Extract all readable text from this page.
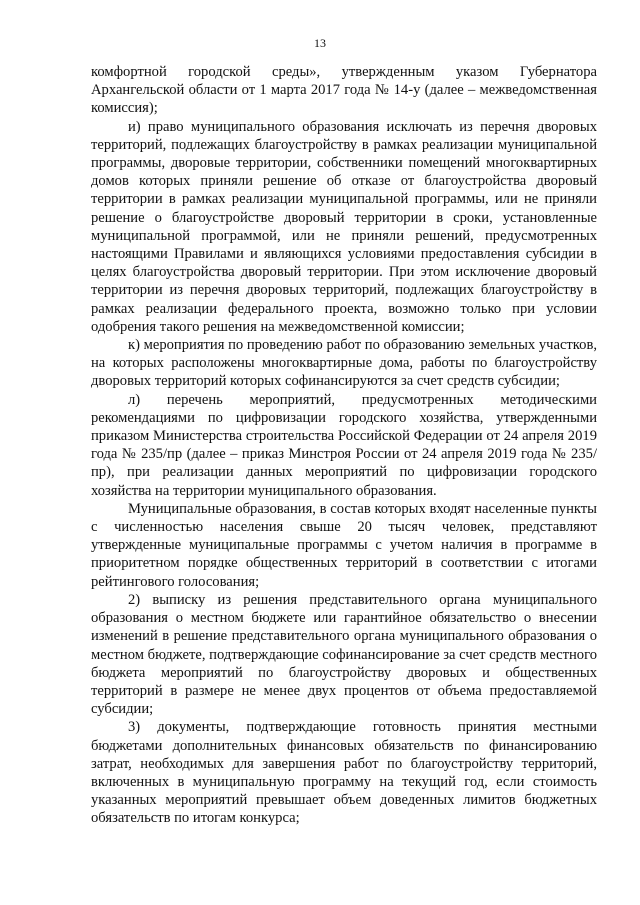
13

комфортной городской среды», утвержденным указом Губернатора Архангельской области от 1 марта 2017 года № 14-у (далее – межведомственная комиссия);

и) право муниципального образования исключать из перечня дворовых территорий, подлежащих благоустройству в рамках реализации муниципальной программы, дворовые территории, собственники помещений многоквартирных домов которых приняли решение об отказе от благоустройства дворовый территории в рамках реализации муниципальной программы, или не приняли решение о благоустройстве дворовый территории в сроки, установленные муниципальной программой, или не приняли решений, предусмотренных настоящими Правилами и являющихся условиями предоставления субсидии в целях благоустройства дворовый территории. При этом исключение дворовый территории из перечня дворовых территорий, подлежащих благоустройству в рамках реализации федерального проекта, возможно только при условии одобрения такого решения на межведомственной комиссии;

к) мероприятия по проведению работ по образованию земельных участков, на которых расположены многоквартирные дома, работы по благоустройству дворовых территорий которых софинансируются за счет средств субсидии;

л) перечень мероприятий, предусмотренных методическими рекомендациями по цифровизации городского хозяйства, утвержденными приказом Министерства строительства Российской Федерации от 24 апреля 2019 года № 235/пр (далее – приказ Минстроя России от 24 апреля 2019 года № 235/пр), при реализации данных мероприятий по цифровизации городского хозяйства на территории муниципального образования.

Муниципальные образования, в состав которых входят населенные пункты с численностью населения свыше 20 тысяч человек, представляют утвержденные муниципальные программы с учетом наличия в программе в приоритетном порядке общественных территорий в соответствии с итогами рейтингового голосования;

2) выписку из решения представительного органа муниципального образования о местном бюджете или гарантийное обязательство о внесении изменений в решение представительного органа муниципального образования о местном бюджете, подтверждающие софинансирование за счет средств местного бюджета мероприятий по благоустройству дворовых и общественных территорий в размере не менее двух процентов от объема предоставляемой субсидии;

3) документы, подтверждающие готовность принятия местными бюджетами дополнительных финансовых обязательств по финансированию затрат, необходимых для завершения работ по благоустройству территорий, включенных в муниципальную программу на текущий год, если стоимость указанных мероприятий превышает объем доведенных лимитов бюджетных обязательств по итогам конкурса;
